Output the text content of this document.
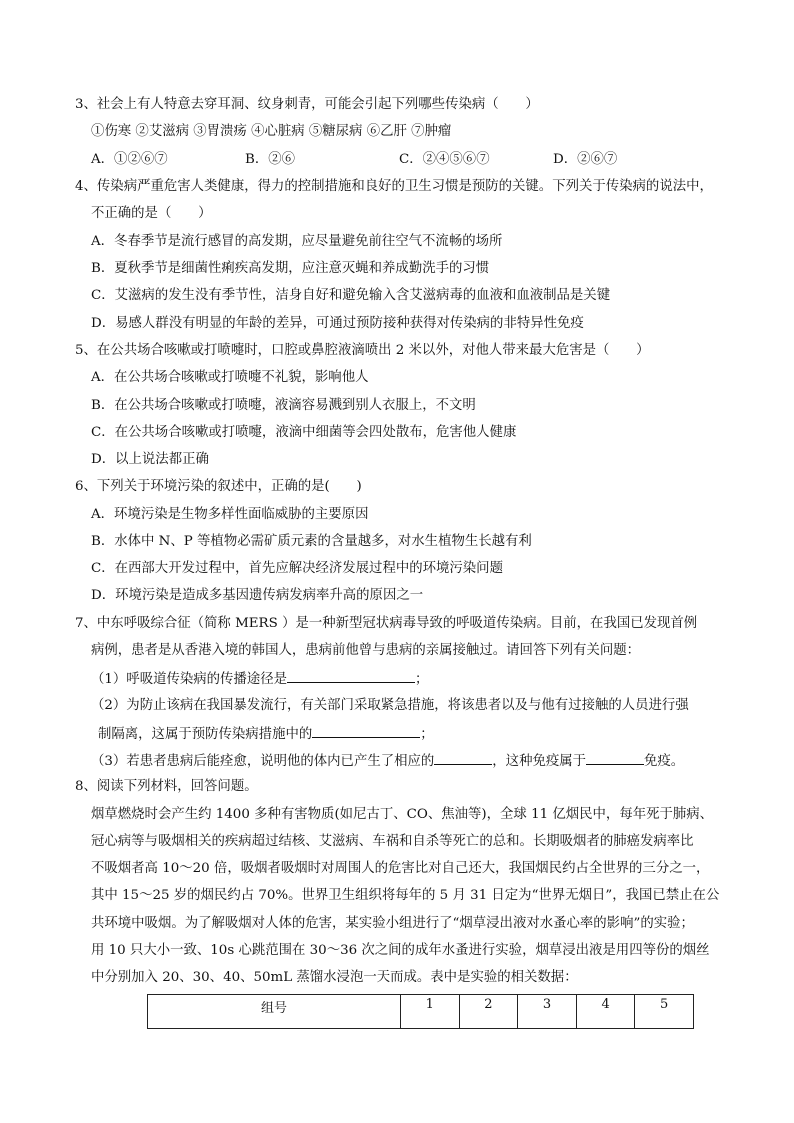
3、社会上有人特意去穿耳洞、纹身刺青，可能会引起下列哪些传染病（　　）
①伤寒 ②艾滋病 ③胃溃疡 ④心脏病 ⑤糖尿病 ⑥乙肝 ⑦肿瘤
A．①②⑥⑦	B．②⑥	C．②④⑤⑥⑦	D．②⑥⑦
4、传染病严重危害人类健康，得力的控制措施和良好的卫生习惯是预防的关键。下列关于传染病的说法中，
不正确的是（　　）
A．冬春季节是流行感冒的高发期，应尽量避免前往空气不流畅的场所
B．夏秋季节是细菌性痢疾高发期，应注意灭蝇和养成勤洗手的习惯
C．艾滋病的发生没有季节性，洁身自好和避免输入含艾滋病毒的血液和血液制品是关键
D．易感人群没有明显的年龄的差异，可通过预防接种获得对传染病的非特异性免疫
5、在公共场合咳嗽或打喷嚏时，口腔或鼻腔液滴喷出 2 米以外，对他人带来最大危害是（　　）
A．在公共场合咳嗽或打喷嚏不礼貌，影响他人
B．在公共场合咳嗽或打喷嚏，液滴容易溅到别人衣服上，不文明
C．在公共场合咳嗽或打喷嚏，液滴中细菌等会四处散布，危害他人健康
D．以上说法都正确
6、下列关于环境污染的叙述中，正确的是(　　)
A．环境污染是生物多样性面临威胁的主要原因
B．水体中 N、P 等植物必需矿质元素的含量越多，对水生植物生长越有利
C．在西部大开发过程中，首先应解决经济发展过程中的环境污染问题
D．环境污染是造成多基因遗传病发病率升高的原因之一
7、中东呼吸综合征（简称 MERS ）是一种新型冠状病毒导致的呼吸道传染病。目前，在我国已发现首例
病例，患者是从香港入境的韩国人，患病前他曾与患病的亲属接触过。请回答下列有关问题：
（1）呼吸道传染病的传播途径是	；
（2）为防止该病在我国暴发流行，有关部门采取紧急措施，将该患者以及与他有过接触的人员进行强
制隔离，这属于预防传染病措施中的	；
（3）若患者患病后能痊愈，说明他的体内已产生了相应的	，这种免疫属于	免疫。
8、阅读下列材料，回答问题。
烟草燃烧时会产生约 1400 多种有害物质(如尼古丁、CO、焦油等)，全球 11 亿烟民中，每年死于肺病、
冠心病等与吸烟相关的疾病超过结核、艾滋病、车祸和自杀等死亡的总和。长期吸烟者的肺癌发病率比
不吸烟者高 10～20 倍，吸烟者吸烟时对周围人的危害比对自己还大，我国烟民约占全世界的三分之一，
其中 15～25 岁的烟民约占 70%。世界卫生组织将每年的 5 月 31 日定为“世界无烟日”，我国已禁止在公
共环境中吸烟。为了解吸烟对人体的危害，某实验小组进行了“烟草浸出液对水蚤心率的影响”的实验；
用 10 只大小一致、10s 心跳范围在 30～36 次之间的成年水蚤进行实验，烟草浸出液是用四等份的烟丝
中分别加入 20、30、40、50mL 蒸馏水浸泡一天而成。表中是实验的相关数据：
组号	1	2	3	4	5
